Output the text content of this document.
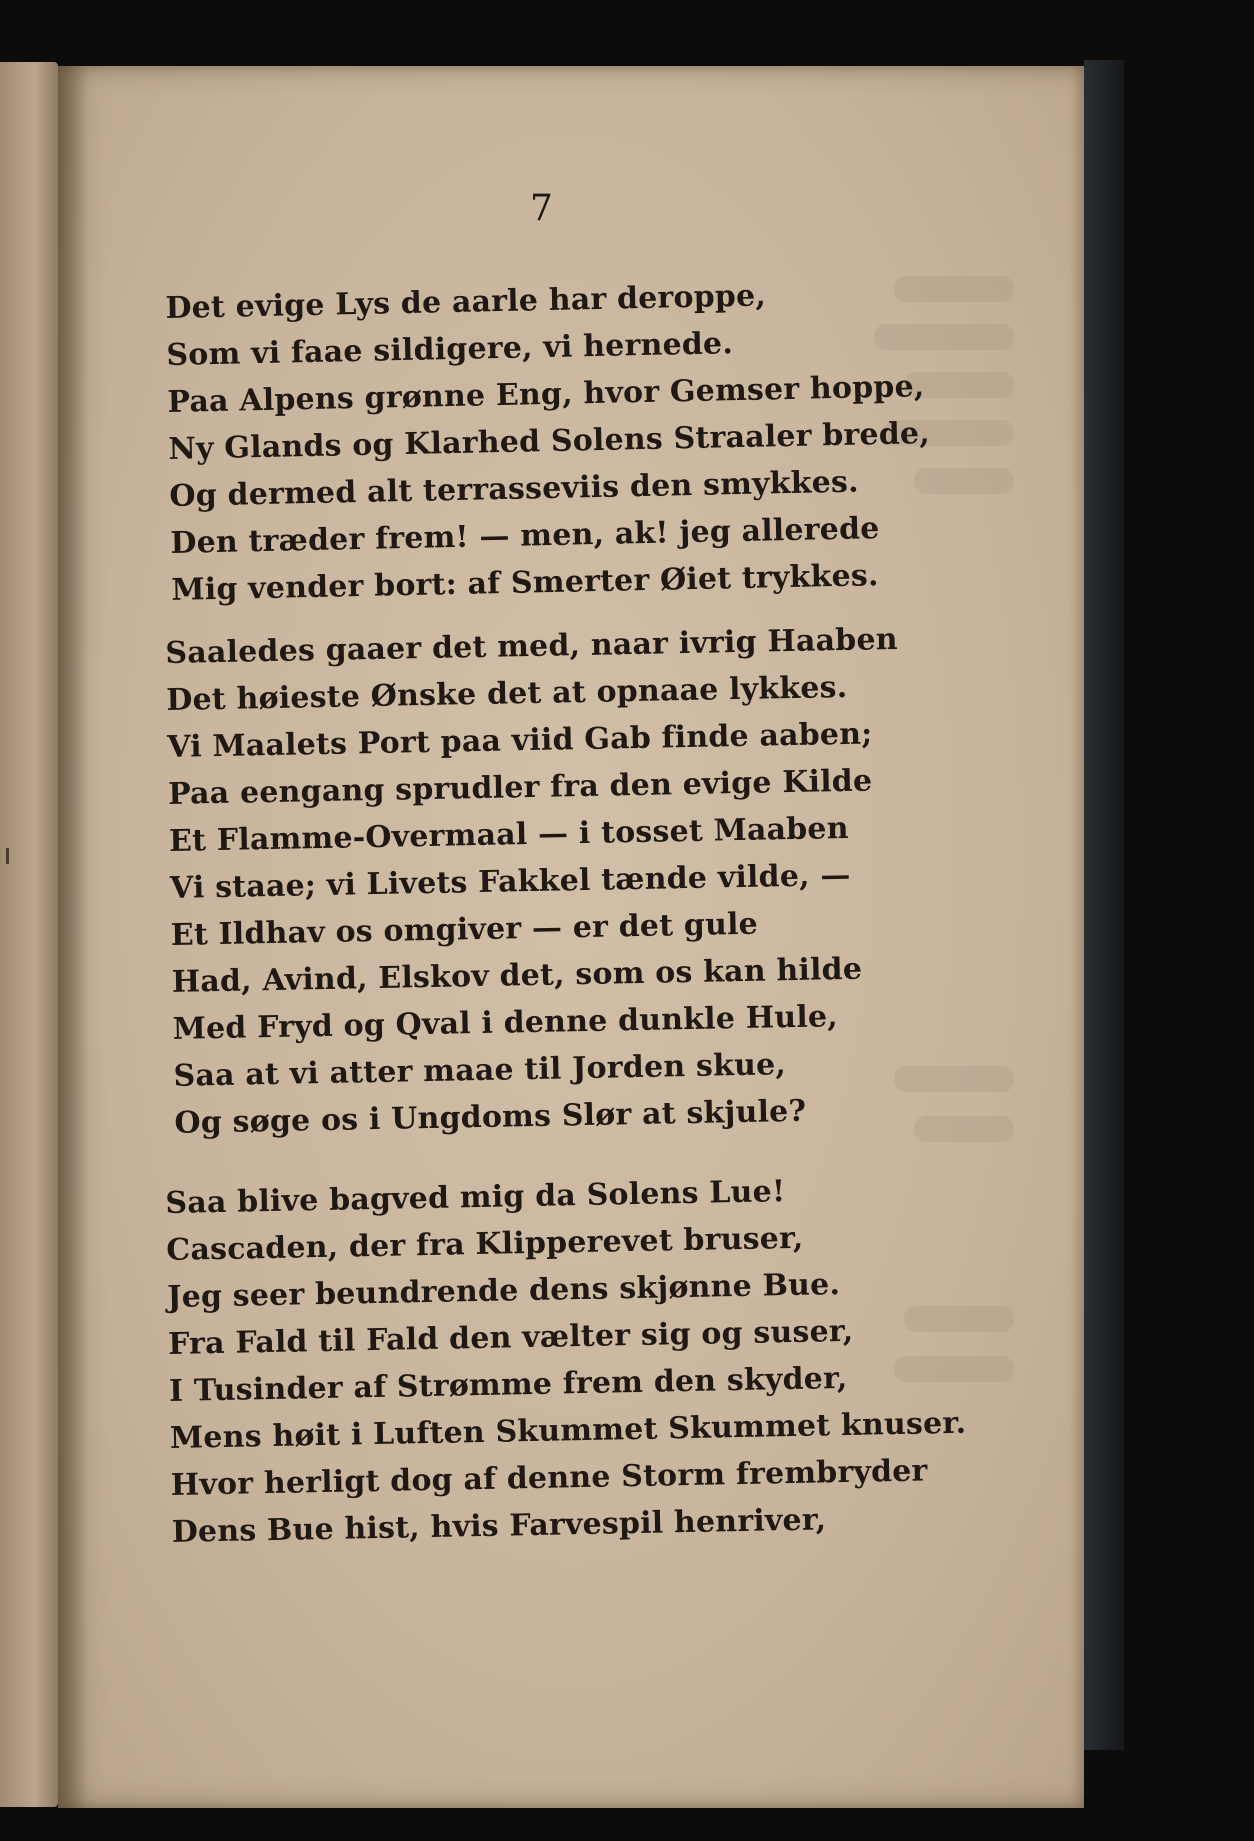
7
Det evige Lys de aarle har deroppe,
Som vi faae sildigere, vi hernede.
Paa Alpens grønne Eng, hvor Gemser hoppe,
Ny Glands og Klarhed Solens Straaler brede,
Og dermed alt terrasseviis den smykkes.
Den træder frem! — men, ak! jeg allerede
Mig vender bort: af Smerter Øiet trykkes.
Saaledes gaaer det med, naar ivrig Haaben
Det høieste Ønske det at opnaae lykkes.
Vi Maalets Port paa viid Gab finde aaben;
Paa eengang sprudler fra den evige Kilde
Et Flamme-Overmaal — i tosset Maaben
Vi staae; vi Livets Fakkel tænde vilde, —
Et Ildhav os omgiver — er det gule
Had, Avind, Elskov det, som os kan hilde
Med Fryd og Qval i denne dunkle Hule,
Saa at vi atter maae til Jorden skue,
Og søge os i Ungdoms Slør at skjule?
Saa blive bagved mig da Solens Lue!
Cascaden, der fra Klipperevet bruser,
Jeg seer beundrende dens skjønne Bue.
Fra Fald til Fald den vælter sig og suser,
I Tusinder af Strømme frem den skyder,
Mens høit i Luften Skummet Skummet knuser.
Hvor herligt dog af denne Storm frembryder
Dens Bue hist, hvis Farvespil henriver,
